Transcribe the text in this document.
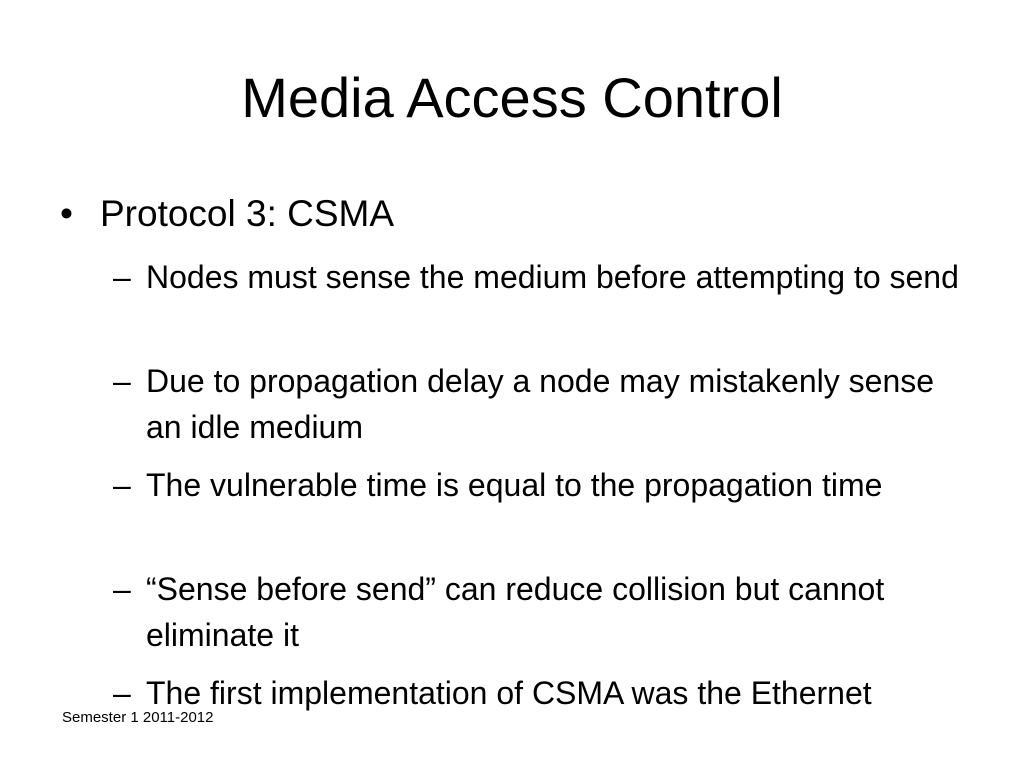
Media Access Control
• Protocol 3: CSMA
– Nodes must sense the medium before attempting to send
– Due to propagation delay a node may mistakenly sense an idle medium
– The vulnerable time is equal to the propagation time
– “Sense before send” can reduce collision but cannot eliminate it
– The first implementation of CSMA was the Ethernet
Semester 1 2011-2012
